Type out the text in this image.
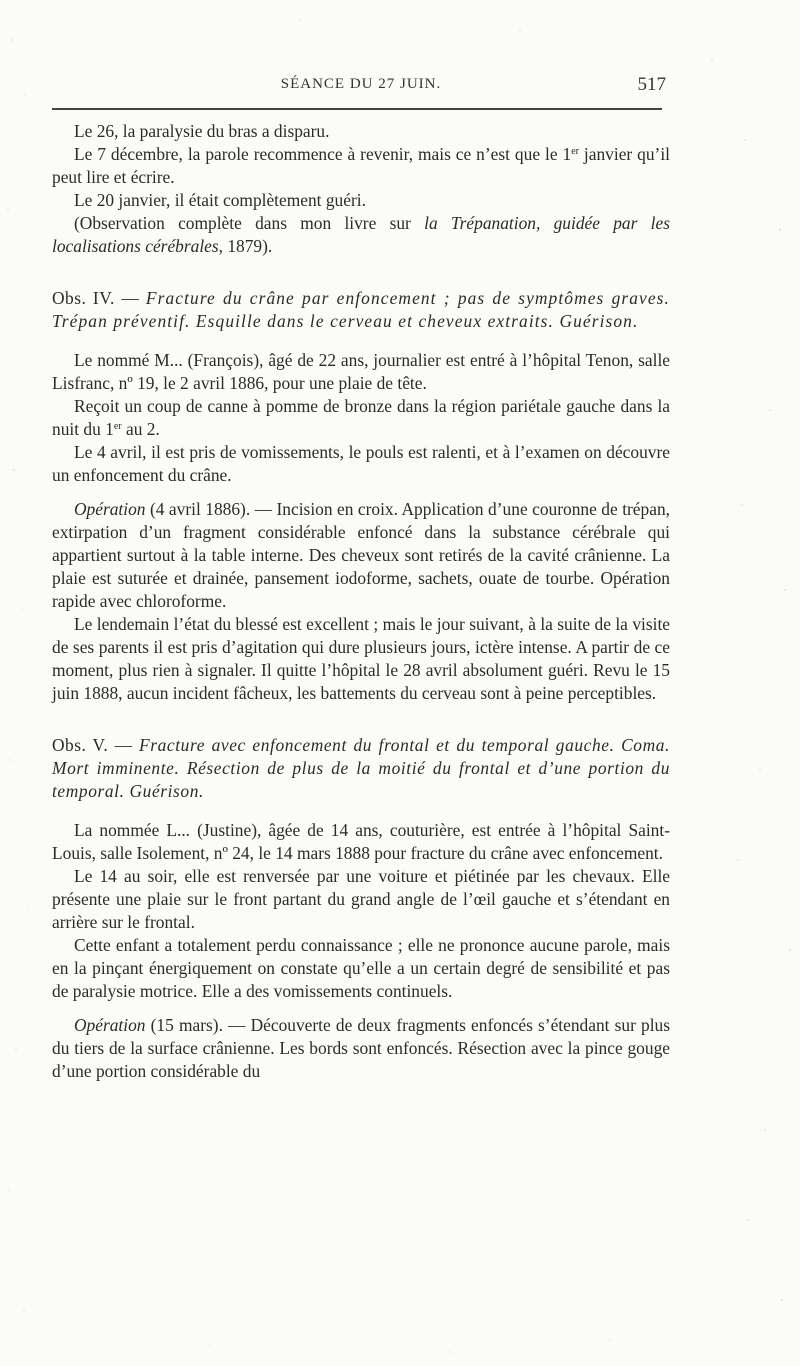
SÉANCE DU 27 JUIN.	517

Le 26, la paralysie du bras a disparu.

Le 7 décembre, la parole recommence à revenir, mais ce n’est que le 1er janvier qu’il peut lire et écrire.

Le 20 janvier, il était complètement guéri.

(Observation complète dans mon livre sur la Trépanation, guidée par les localisations cérébrales, 1879).

Obs. IV. — Fracture du crâne par enfoncement ; pas de symptômes graves. Trépan préventif. Esquille dans le cerveau et cheveux extraits. Guérison.

Le nommé M... (François), âgé de 22 ans, journalier est entré à l’hôpital Tenon, salle Lisfranc, nº 19, le 2 avril 1886, pour une plaie de tête.

Reçoit un coup de canne à pomme de bronze dans la région pariétale gauche dans la nuit du 1er au 2.

Le 4 avril, il est pris de vomissements, le pouls est ralenti, et à l’examen on découvre un enfoncement du crâne.

Opération (4 avril 1886). — Incision en croix. Application d’une couronne de trépan, extirpation d’un fragment considérable enfoncé dans la substance cérébrale qui appartient surtout à la table interne. Des cheveux sont retirés de la cavité crânienne. La plaie est suturée et drainée, pansement iodoforme, sachets, ouate de tourbe. Opération rapide avec chloroforme.

Le lendemain l’état du blessé est excellent ; mais le jour suivant, à la suite de la visite de ses parents il est pris d’agitation qui dure plusieurs jours, ictère intense. A partir de ce moment, plus rien à signaler. Il quitte l’hôpital le 28 avril absolument guéri. Revu le 15 juin 1888, aucun incident fâcheux, les battements du cerveau sont à peine perceptibles.

Obs. V. — Fracture avec enfoncement du frontal et du temporal gauche. Coma. Mort imminente. Résection de plus de la moitié du frontal et d’une portion du temporal. Guérison.

La nommée L... (Justine), âgée de 14 ans, couturière, est entrée à l’hôpital Saint-Louis, salle Isolement, nº 24, le 14 mars 1888 pour fracture du crâne avec enfoncement.

Le 14 au soir, elle est renversée par une voiture et piétinée par les chevaux. Elle présente une plaie sur le front partant du grand angle de l’œil gauche et s’étendant en arrière sur le frontal.

Cette enfant a totalement perdu connaissance ; elle ne prononce aucune parole, mais en la pinçant énergiquement on constate qu’elle a un certain degré de sensibilité et pas de paralysie motrice. Elle a des vomissements continuels.

Opération (15 mars). — Découverte de deux fragments enfoncés s’étendant sur plus du tiers de la surface crânienne. Les bords sont enfoncés. Résection avec la pince gouge d’une portion considérable du
